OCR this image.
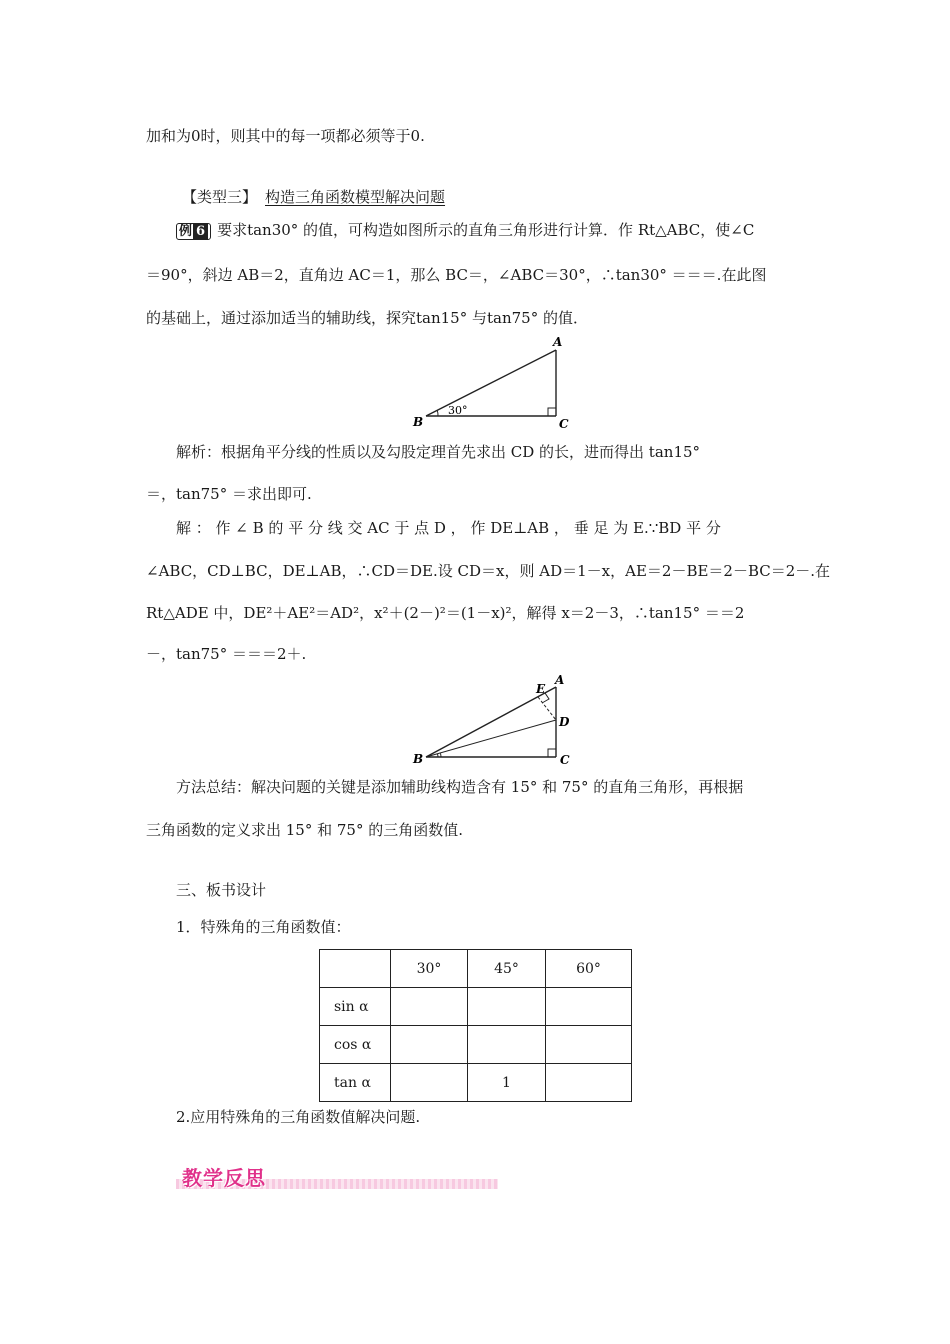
加和为0时，则其中的每一项都必须等于0.
【类型三】 构造三角函数模型解决问题
例 6 要求tan30° 的值，可构造如图所示的直角三角形进行计算．作 Rt△ABC，使∠C
＝90°，斜边 AB＝2，直角边 AC＝1，那么 BC＝，∠ABC＝30°，∴tan30° ＝＝＝.在此图
的基础上，通过添加适当的辅助线，探究tan15° 与tan75° 的值．
A
B	C
30°
解析：根据角平分线的性质以及勾股定理首先求出 CD 的长，进而得出 tan15°
＝，tan75° ＝求出即可.
解 ： 作 ∠ B 的 平 分 线 交 AC 于 点 D ， 作 DE⊥AB ， 垂 足 为 E.∵BD 平 分
∠ABC，CD⊥BC，DE⊥AB，∴CD＝DE.设 CD＝x，则 AD＝1－x，AE＝2－BE＝2－BC＝2－.在
Rt△ADE 中，DE²＋AE²＝AD²，x²＋(2－)²＝(1－x)²，解得 x＝2－3，∴tan15° ＝＝2
－，tan75° ＝＝＝2＋.
A
E
D
B	C
方法总结：解决问题的关键是添加辅助线构造含有 15° 和 75° 的直角三角形，再根据
三角函数的定义求出 15° 和 75° 的三角函数值.
三、板书设计
1．特殊角的三角函数值：
	30°	45°	60°
sin α			
cos α			
tan α		1	
2.应用特殊角的三角函数值解决问题.
教学反思
